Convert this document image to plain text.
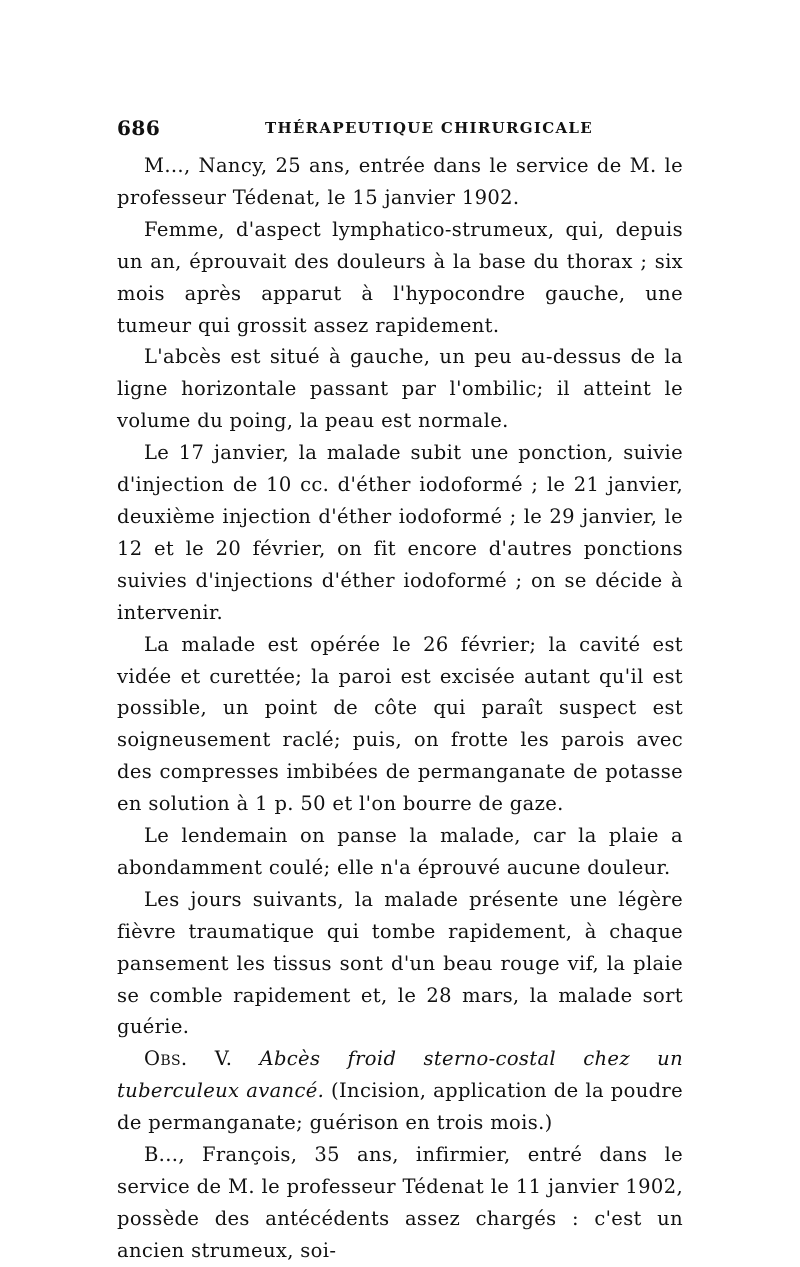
686	THÉRAPEUTIQUE CHIRURGICALE

M..., Nancy, 25 ans, entrée dans le service de M. le professeur Tédenat, le 15 janvier 1902.

Femme, d'aspect lymphatico-strumeux, qui, depuis un an, éprouvait des douleurs à la base du thorax ; six mois après apparut à l'hypocondre gauche, une tumeur qui grossit assez rapidement.

L'abcès est situé à gauche, un peu au-dessus de la ligne horizontale passant par l'ombilic; il atteint le volume du poing, la peau est normale.

Le 17 janvier, la malade subit une ponction, suivie d'injection de 10 cc. d'éther iodoformé ; le 21 janvier, deuxième injection d'éther iodoformé ; le 29 janvier, le 12 et le 20 février, on fit encore d'autres ponctions suivies d'injections d'éther iodoformé ; on se décide à intervenir.

La malade est opérée le 26 février; la cavité est vidée et curettée; la paroi est excisée autant qu'il est possible, un point de côte qui paraît suspect est soigneusement raclé; puis, on frotte les parois avec des compresses imbibées de permanganate de potasse en solution à 1 p. 50 et l'on bourre de gaze.

Le lendemain on panse la malade, car la plaie a abondamment coulé; elle n'a éprouvé aucune douleur.

Les jours suivants, la malade présente une légère fièvre traumatique qui tombe rapidement, à chaque pansement les tissus sont d'un beau rouge vif, la plaie se comble rapidement et, le 28 mars, la malade sort guérie.

Obs. V. Abcès froid sterno-costal chez un tuberculeux avancé. (Incision, application de la poudre de permanganate; guérison en trois mois.)

B..., François, 35 ans, infirmier, entré dans le service de M. le professeur Tédenat le 11 janvier 1902, possède des antécédents assez chargés : c'est un ancien strumeux, soi-
